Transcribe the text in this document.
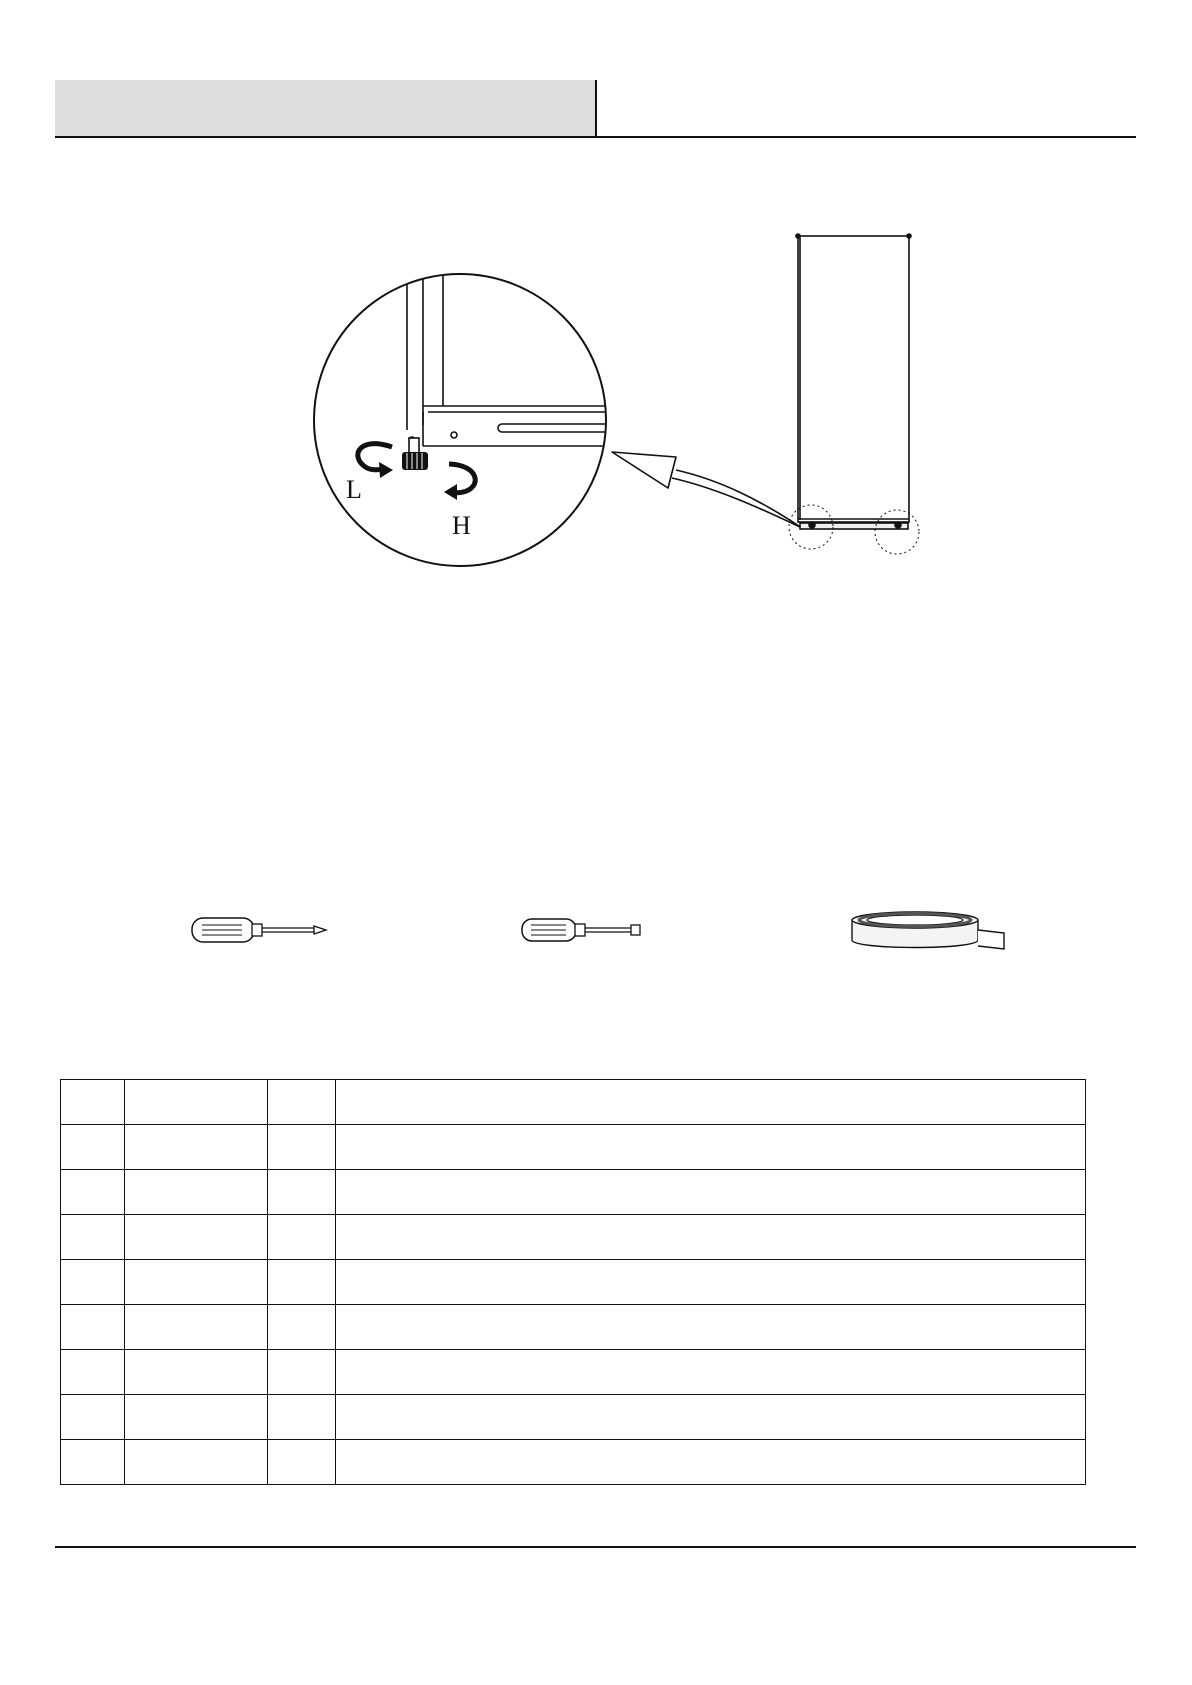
L
H
